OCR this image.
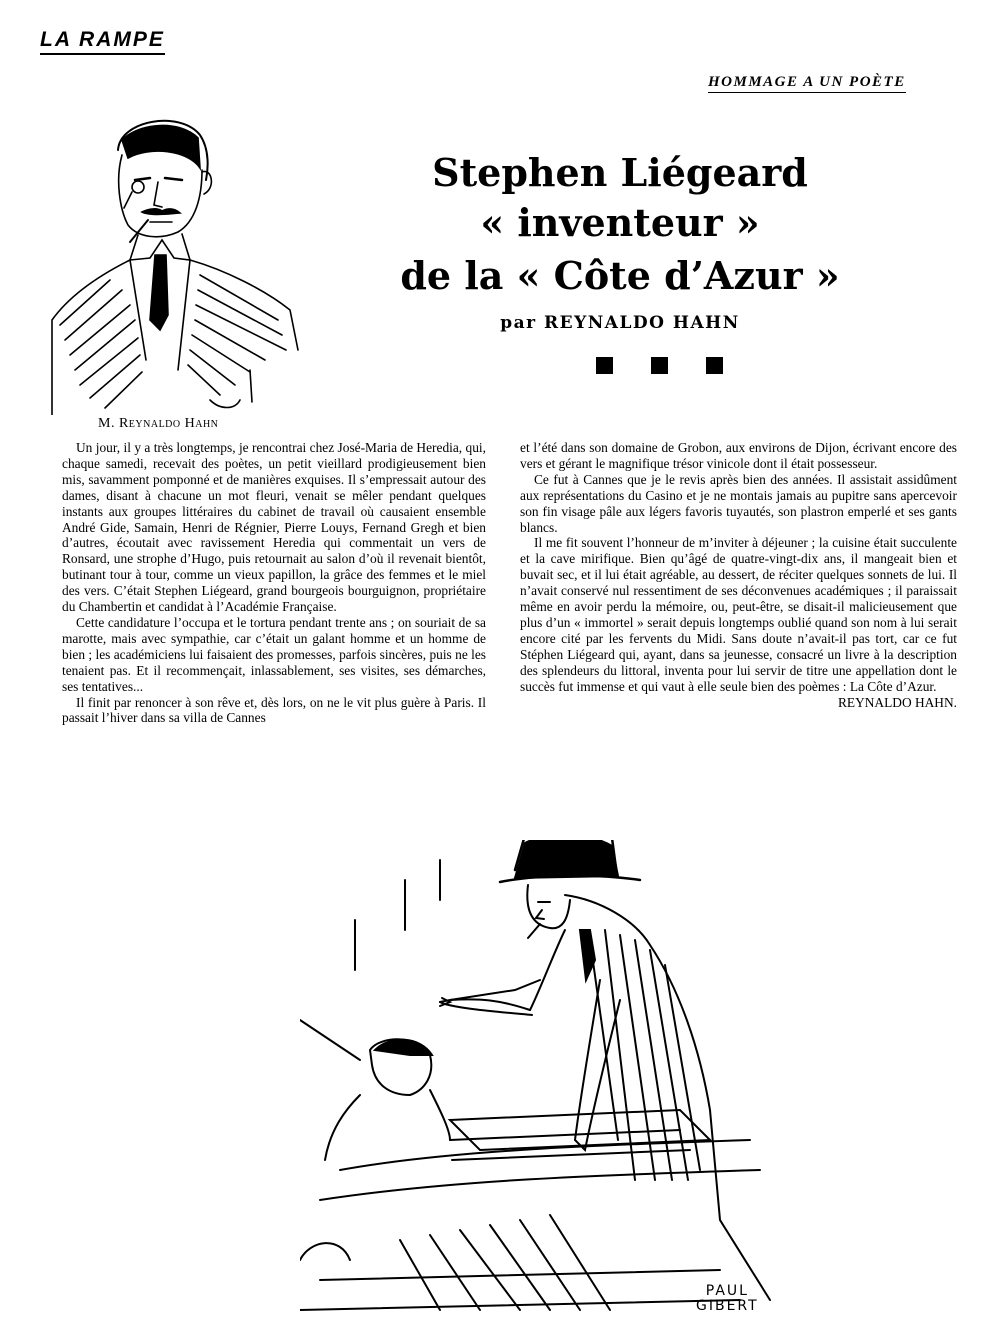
LA RAMPE
HOMMAGE A UN POÈTE
M. Reynaldo Hahn
Stephen Liégeard
« inventeur »
de la « Côte d’Azur »
par REYNALDO HAHN

Un jour, il y a très longtemps, je rencontrai chez José-Maria de Heredia, qui, chaque samedi, recevait des poètes, un petit vieillard prodigieusement bien mis, savamment pomponné et de manières exquises. Il s’empressait autour des dames, disant à chacune un mot fleuri, venait se mêler pendant quelques instants aux groupes littéraires du cabinet de travail où causaient ensemble André Gide, Samain, Henri de Régnier, Pierre Louys, Fernand Gregh et bien d’autres, écoutait avec ravissement Heredia qui commentait un vers de Ronsard, une strophe d’Hugo, puis retournait au salon d’où il revenait bientôt, butinant tour à tour, comme un vieux papillon, la grâce des femmes et le miel des vers. C’était Stephen Liégeard, grand bourgeois bourguignon, propriétaire du Chambertin et candidat à l’Académie Française.

Cette candidature l’occupa et le tortura pendant trente ans ; on souriait de sa marotte, mais avec sympathie, car c’était un galant homme et un homme de bien ; les académiciens lui faisaient des promesses, parfois sincères, puis ne les tenaient pas. Et il recommençait, inlassablement, ses visites, ses démarches, ses tentatives...

Il finit par renoncer à son rêve et, dès lors, on ne le vit plus guère à Paris. Il passait l’hiver dans sa villa de Cannes

et l’été dans son domaine de Grobon, aux environs de Dijon, écrivant encore des vers et gérant le magnifique trésor vinicole dont il était possesseur.

Ce fut à Cannes que je le revis après bien des années. Il assistait assidûment aux représentations du Casino et je ne montais jamais au pupitre sans apercevoir son fin visage pâle aux légers favoris tuyautés, son plastron emperlé et ses gants blancs.

Il me fit souvent l’honneur de m’inviter à déjeuner ; la cuisine était succulente et la cave mirifique. Bien qu’âgé de quatre-vingt-dix ans, il mangeait bien et buvait sec, et il lui était agréable, au dessert, de réciter quelques sonnets de lui. Il n’avait conservé nul ressentiment de ses déconvenues académiques ; il paraissait même en avoir perdu la mémoire, ou, peut-être, se disait-il malicieusement que plus d’un « immortel » serait depuis longtemps oublié quand son nom à lui serait encore cité par les fervents du Midi. Sans doute n’avait-il pas tort, car ce fut Stéphen Liégeard qui, ayant, dans sa jeunesse, consacré un livre à la description des splendeurs du littoral, inventa pour lui servir de titre une appellation dont le succès fut immense et qui vaut à elle seule bien des poèmes : La Côte d’Azur.

REYNALDO HAHN.
PAUL
GIBERT
